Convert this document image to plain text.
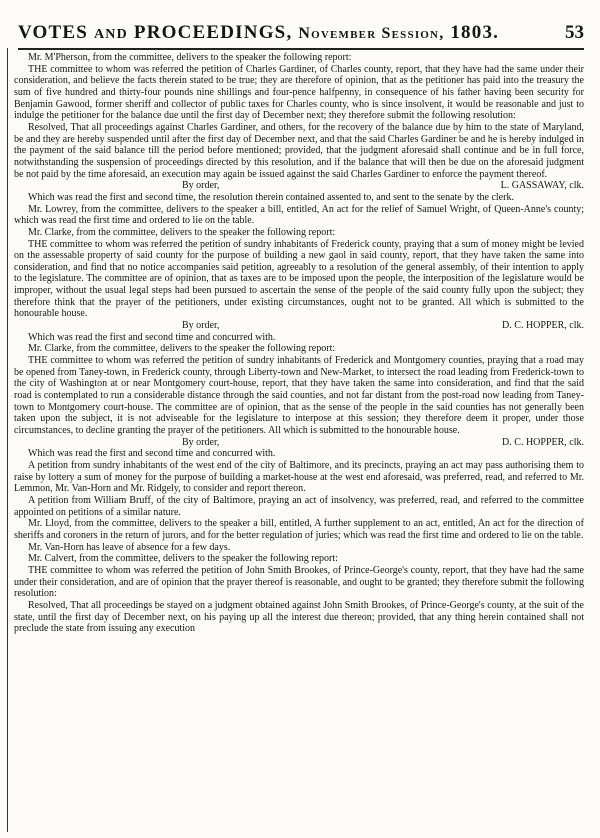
VOTES AND PROCEEDINGS, November Session, 1803.	53

Mr. M'Pherson, from the committee, delivers to the speaker the following report:

THE committee to whom was referred the petition of Charles Gardiner, of Charles county, report, that they have had the same under their consideration, and believe the facts therein stated to be true; they are therefore of opinion, that as the petitioner has paid into the treasury the sum of five hundred and thirty-four pounds nine shillings and four-pence halfpenny, in consequence of his father having been security for Benjamin Gawood, former sheriff and collector of public taxes for Charles county, who is since insolvent, it would be reasonable and just to indulge the petitioner for the balance due until the first day of December next; they therefore submit the following resolution:

Resolved, That all proceedings against Charles Gardiner, and others, for the recovery of the balance due by him to the state of Maryland, be and they are hereby suspended until after the first day of December next, and that the said Charles Gardiner be and he is hereby indulged in the payment of the said balance till the period before mentioned; provided, that the judgment aforesaid shall continue and be in full force, notwithstanding the suspension of proceedings directed by this resolution, and if the balance that will then be due on the aforesaid judgment be not paid by the time aforesaid, an execution may again be issued against the said Charles Gardiner to enforce the payment thereof.

By order,	L. GASSAWAY, clk.

Which was read the first and second time, the resolution therein contained assented to, and sent to the senate by the clerk.

Mr. Lowrey, from the committee, delivers to the speaker a bill, entitled, An act for the relief of Samuel Wright, of Queen-Anne's county; which was read the first time and ordered to lie on the table.

Mr. Clarke, from the committee, delivers to the speaker the following report:

THE committee to whom was referred the petition of sundry inhabitants of Frederick county, praying that a sum of money might be levied on the assessable property of said county for the purpose of building a new gaol in said county, report, that they have taken the same into consideration, and find that no notice accompanies said petition, agreeably to a resolution of the general assembly, of their intention to apply to the legislature. The committee are of opinion, that as taxes are to be imposed upon the people, the interposition of the legislature would be improper, without the usual legal steps had been pursued to ascertain the sense of the people of the said county fully upon the subject; they therefore think that the prayer of the petitioners, under existing circumstances, ought not to be granted. All which is submitted to the honourable house.

By order,	D. C. HOPPER, clk.

Which was read the first and second time and concurred with.

Mr. Clarke, from the committee, delivers to the speaker the following report:

THE committee to whom was referred the petition of sundry inhabitants of Frederick and Montgomery counties, praying that a road may be opened from Taney-town, in Frederick county, through Liberty-town and New-Market, to intersect the road leading from Frederick-town to the city of Washington at or near Montgomery court-house, report, that they have taken the same into consideration, and find that the said road is contemplated to run a considerable distance through the said counties, and not far distant from the post-road now leading from Taney-town to Montgomery court-house. The committee are of opinion, that as the sense of the people in the said counties has not generally been taken upon the subject, it is not adviseable for the legislature to interpose at this session; they therefore deem it proper, under those circumstances, to decline granting the prayer of the petitioners. All which is submitted to the honourable house.

By order,	D. C. HOPPER, clk.

Which was read the first and second time and concurred with.

A petition from sundry inhabitants of the west end of the city of Baltimore, and its precincts, praying an act may pass authorising them to raise by lottery a sum of money for the purpose of building a market-house at the west end aforesaid, was preferred, read, and referred to Mr. Lemmon, Mr. Van-Horn and Mr. Ridgely, to consider and report thereon.

A petition from William Bruff, of the city of Baltimore, praying an act of insolvency, was preferred, read, and referred to the committee appointed on petitions of a similar nature.

Mr. Lloyd, from the committee, delivers to the speaker a bill, entitled, A further supplement to an act, entitled, An act for the direction of sheriffs and coroners in the return of jurors, and for the better regulation of juries; which was read the first time and ordered to lie on the table.

Mr. Van-Horn has leave of absence for a few days.

Mr. Calvert, from the committee, delivers to the speaker the following report:

THE committee to whom was referred the petition of John Smith Brookes, of Prince-George's county, report, that they have had the same under their consideration, and are of opinion that the prayer thereof is reasonable, and ought to be granted; they therefore submit the following resolution:

Resolved, That all proceedings be stayed on a judgment obtained against John Smith Brookes, of Prince-George's county, at the suit of the state, until the first day of December next, on his paying up all the interest due thereon; provided, that any thing herein contained shall not preclude the state from issuing any execution
